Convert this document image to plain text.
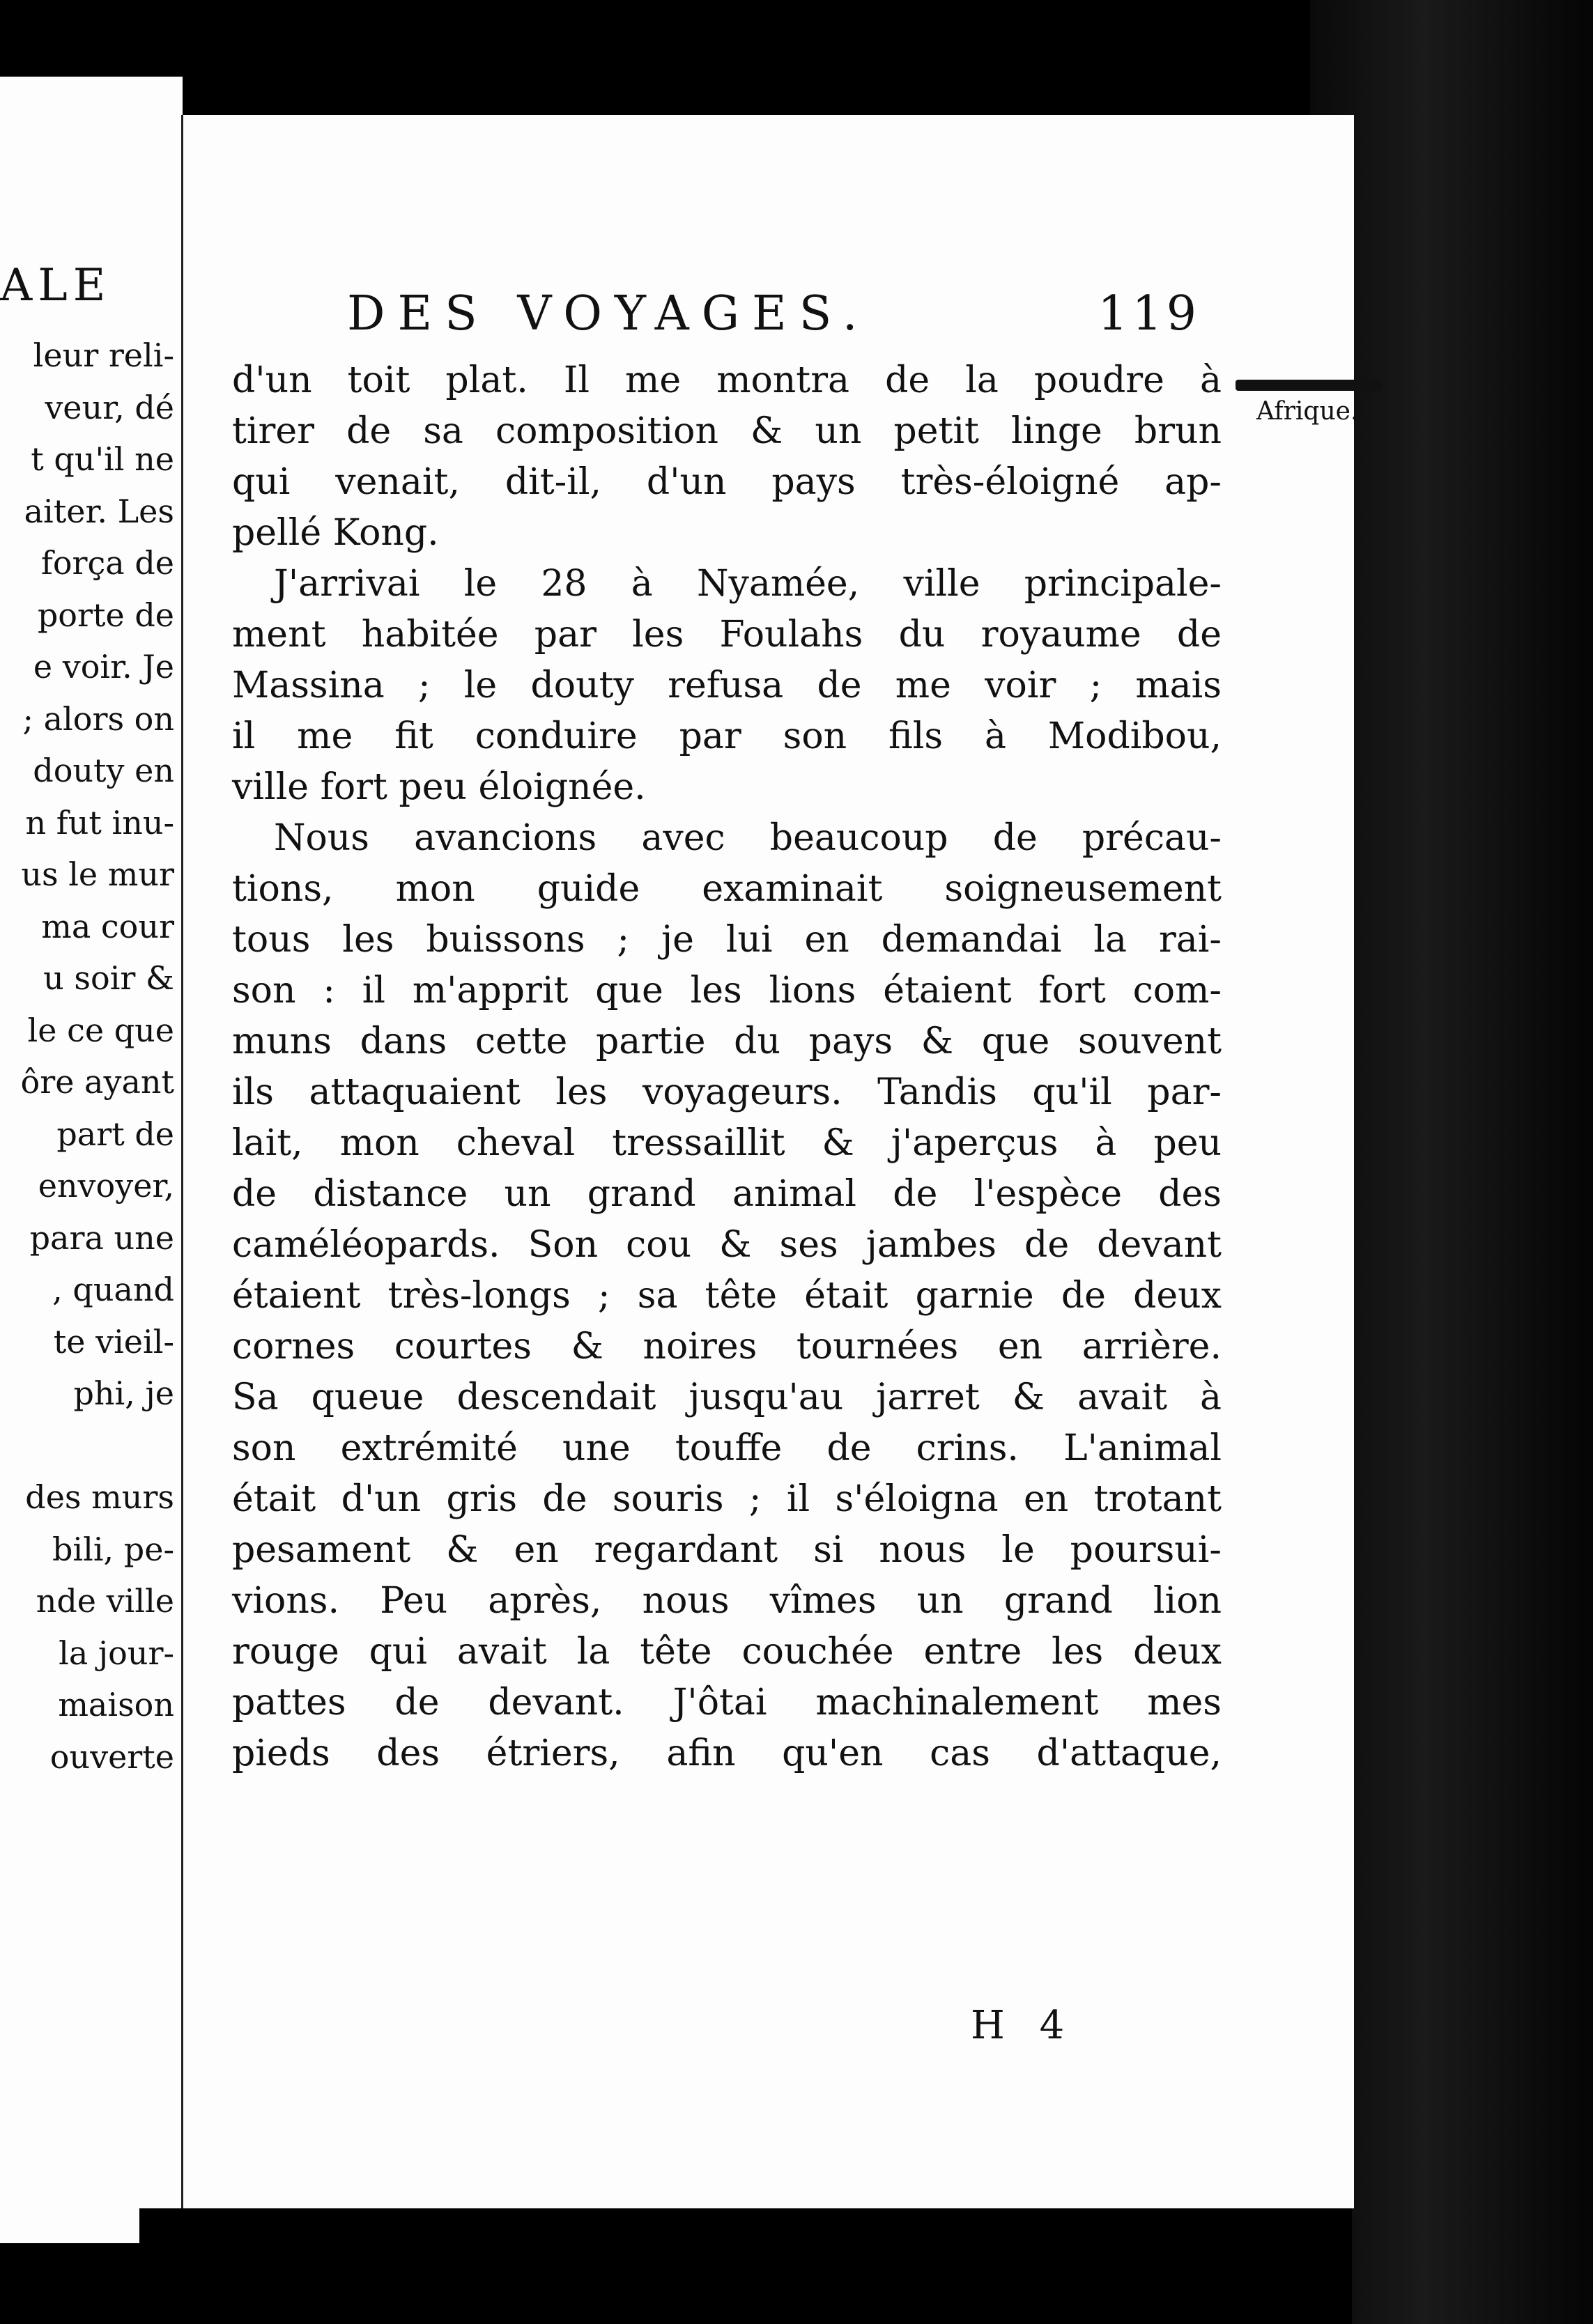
ALE
leur reli-
veur, dé
t qu'il ne
aiter. Les
força de
porte de
e voir. Je
; alors on
douty en
n fut inu-
us le mur
ma cour
u soir &
le ce que
ôre ayant
part de
envoyer,
para une
, quand
te vieil-
phi, je
des murs
bili, pe-
nde ville
la jour-
maison
ouverte
DES VOYAGES.	119
d'un toit plat. Il me montra de la poudre à
tirer de sa composition & un petit linge brun
qui venait, dit-il, d'un pays très-éloigné ap-
pellé Kong.
J'arrivai le 28 à Nyamée, ville principale-
ment habitée par les Foulahs du royaume de
Massina ; le douty refusa de me voir ; mais
il me fit conduire par son fils à Modibou,
ville fort peu éloignée.
Nous avancions avec beaucoup de précau-
tions, mon guide examinait soigneusement
tous les buissons ; je lui en demandai la rai-
son : il m'apprit que les lions étaient fort com-
muns dans cette partie du pays & que souvent
ils attaquaient les voyageurs. Tandis qu'il par-
lait, mon cheval tressaillit & j'aperçus à peu
de distance un grand animal de l'espèce des
caméléopards. Son cou & ses jambes de devant
étaient très-longs ; sa tête était garnie de deux
cornes courtes & noires tournées en arrière.
Sa queue descendait jusqu'au jarret & avait à
son extrémité une touffe de crins. L'animal
était d'un gris de souris ; il s'éloigna en trotant
pesament & en regardant si nous le poursui-
vions. Peu après, nous vîmes un grand lion
rouge qui avait la tête couchée entre les deux
pattes de devant. J'ôtai machinalement mes
pieds des étriers, afin qu'en cas d'attaque,
H 4
Afrique.
